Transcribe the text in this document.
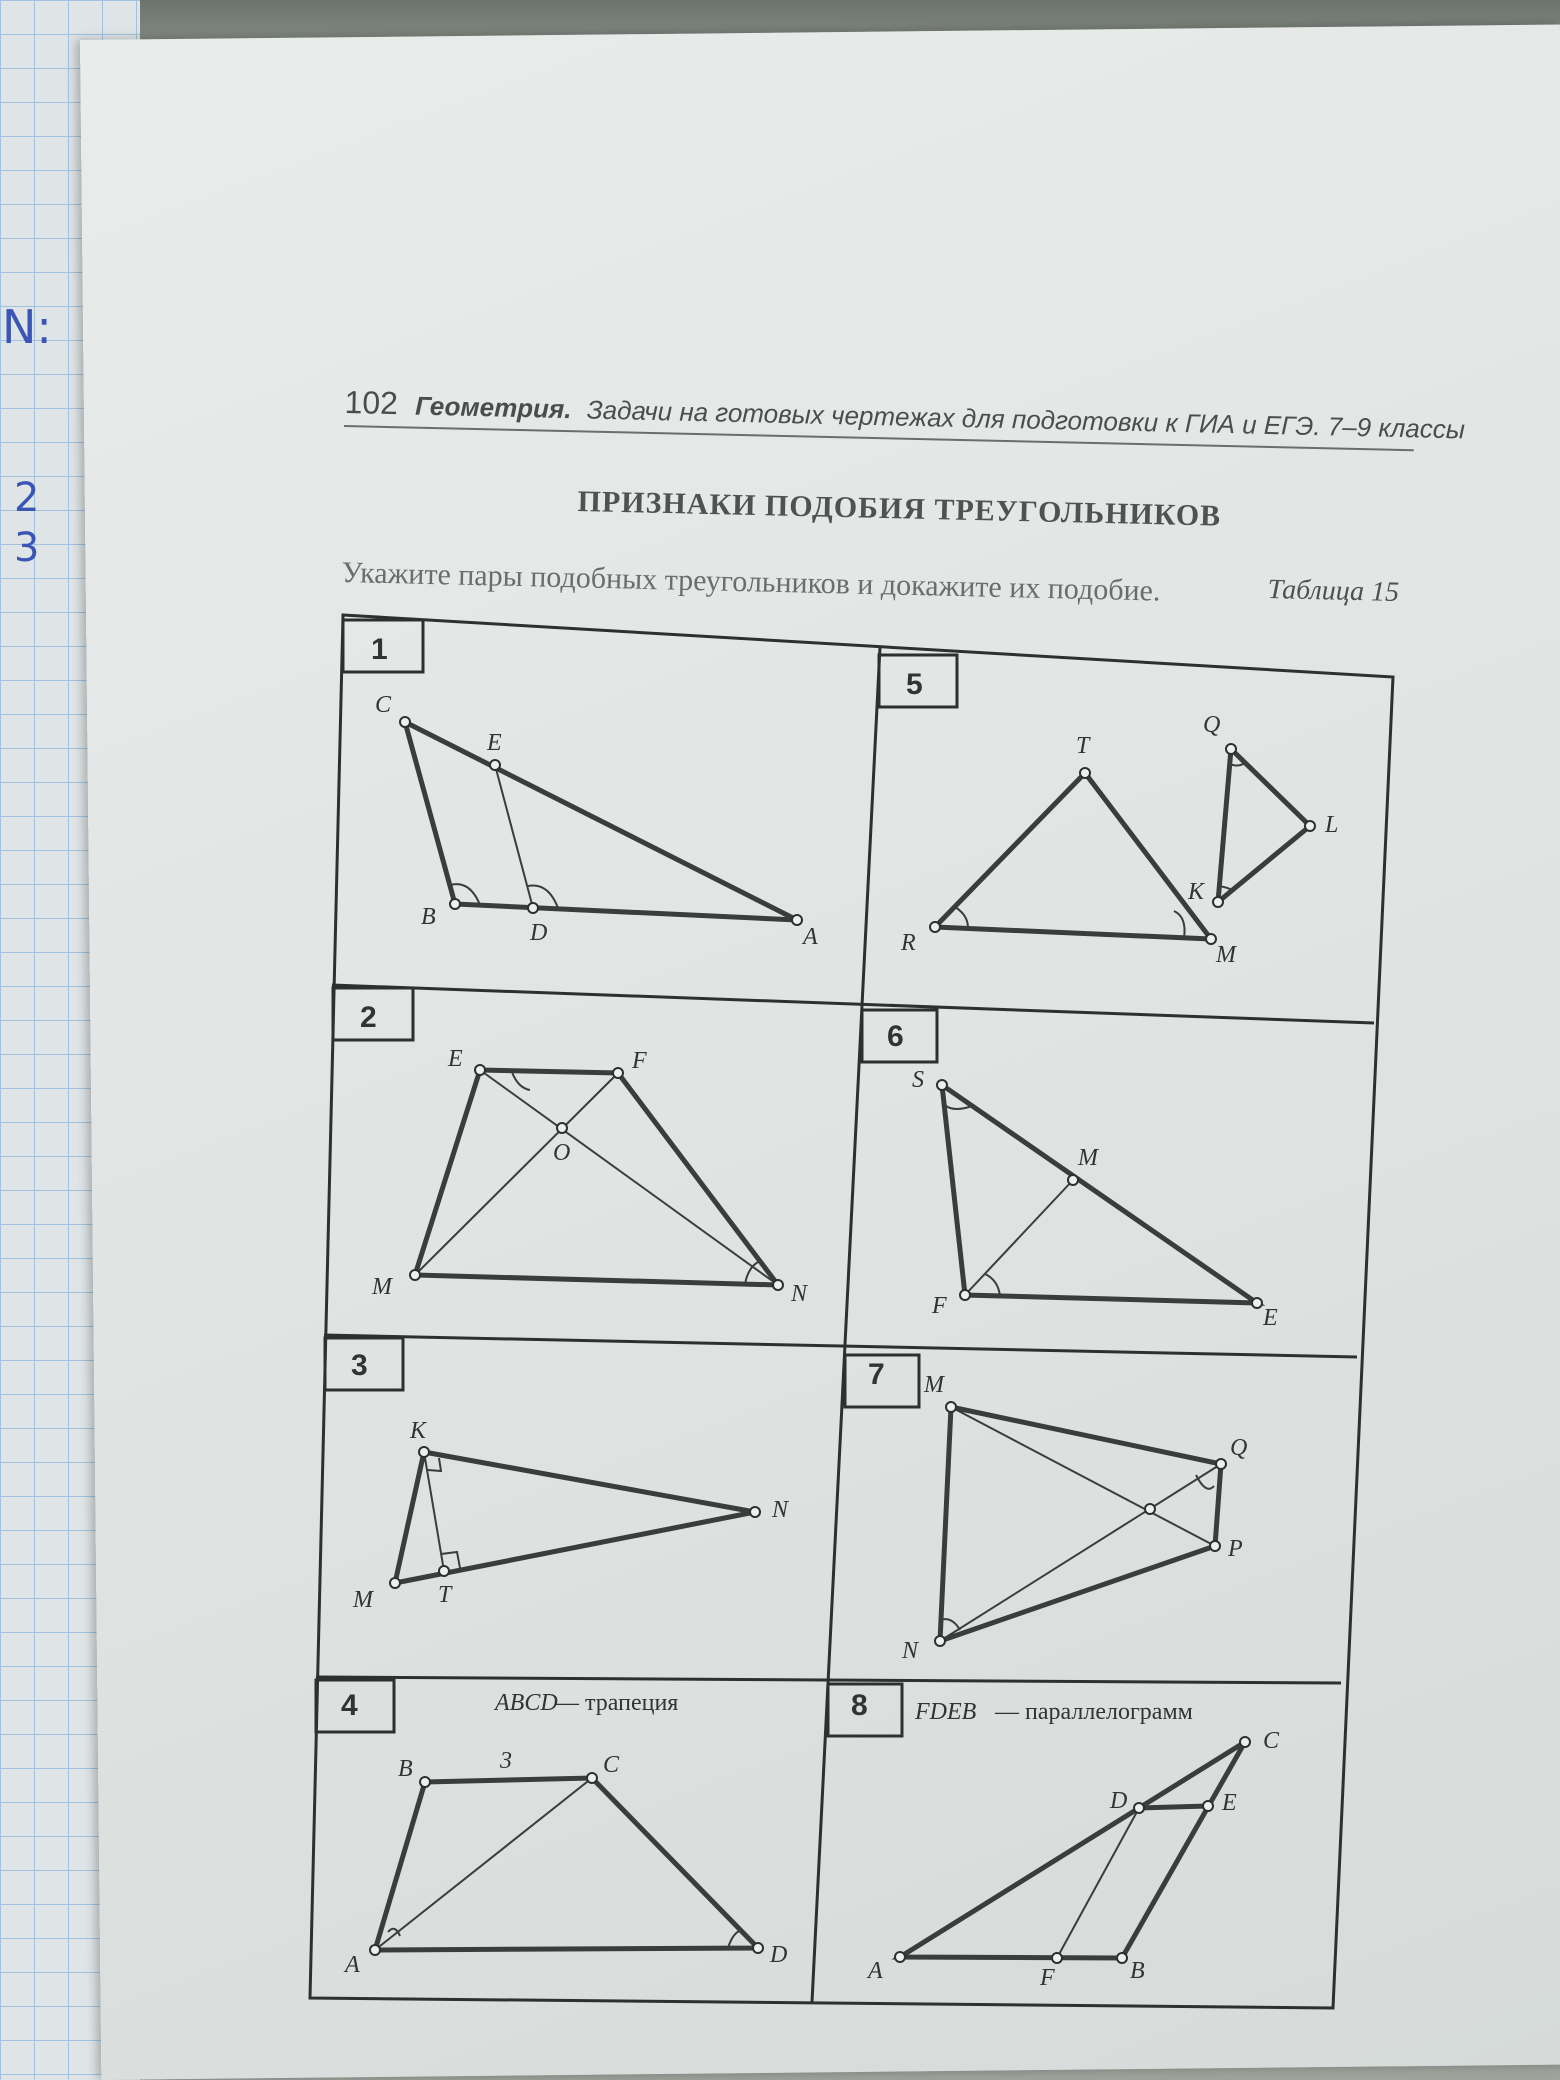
N:
2
3
102 Геометрия. Задачи на готовых чертежах для подготовки к ГИА и ЕГЭ. 7–9 классы
ПРИЗНАКИ ПОДОБИЯ ТРЕУГОЛЬНИКОВ
Укажите пары подобных треугольников и докажите их подобие.	Таблица 15
1
5
2
6
3	7
4	8
C
E
B
D	A
T
Q
L
K
R	M
E	F
O
M	N
S
M
F	E
K
N
M	T
M
Q
P
N
ABCD
— трапеция
3
B	C
A	D
FDEB — параллелограмм
C
D	E
A	F	B
